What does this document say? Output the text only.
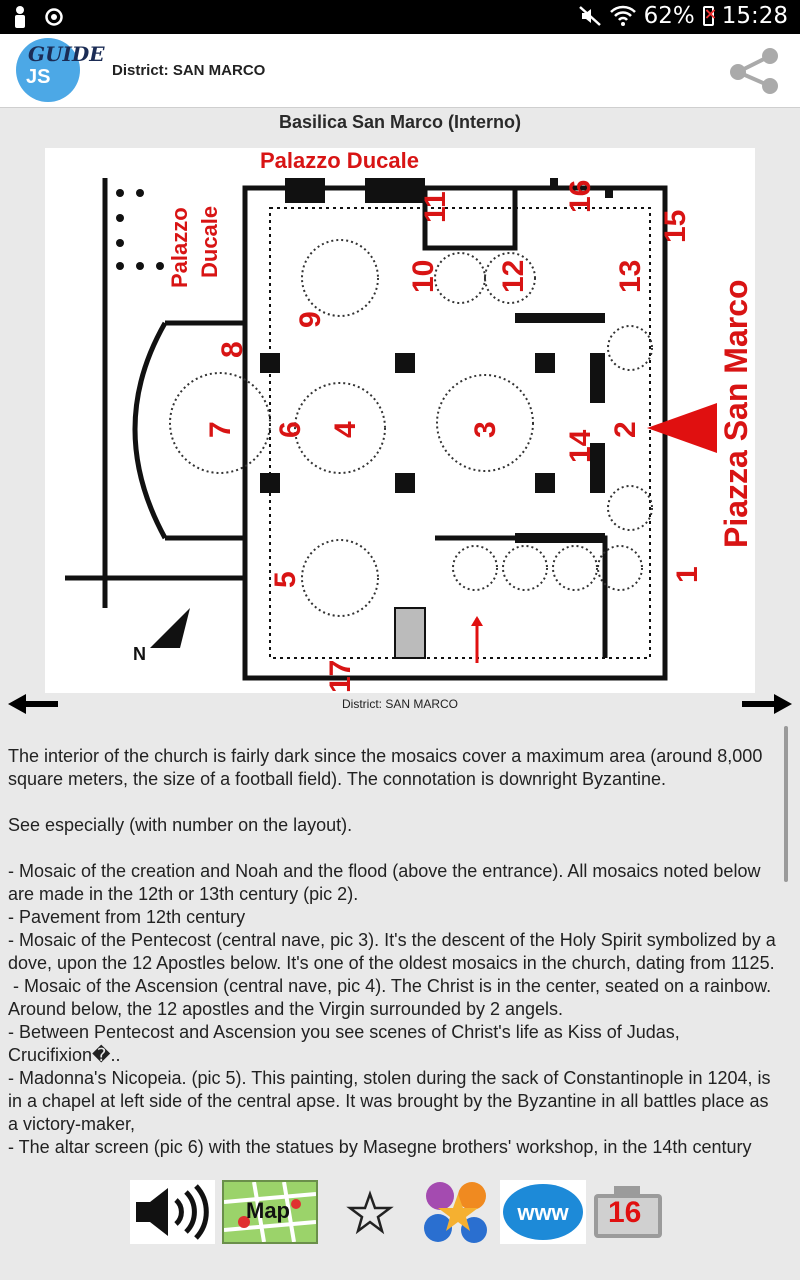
62%
× 15:28
GUIDE
JS	District: SAN MARCO
Basilica San Marco (Interno)
N
Palazzo Ducale
Palazzo Ducale
Piazza San Marco
1
2
3
4
5
6
7
8
9
10
11
12	13
14
15
16
17
District: SAN MARCO

The interior of the church is fairly dark since the mosaics cover a maximum area (around 8,000 square meters, the size of a football field). The connotation is downright Byzantine.

See especially (with number on the layout).

- Mosaic of the creation and Noah and the flood (above the entrance). All mosaics noted below are made in the 12th or 13th century (pic 2).

- Pavement from 12th century

- Mosaic of the Pentecost (central nave, pic 3). It's the descent of the Holy Spirit symbolized by a dove, upon the 12 Apostles below. It's one of the oldest mosaics in the church, dating from 1125.

- Mosaic of the Ascension (central nave, pic 4). The Christ is in the center, seated on a rainbow. Around below, the 12 apostles and the Virgin surrounded by 2 angels.

- Between Pentecost and Ascension you see scenes of Christ's life as Kiss of Judas, Crucifixion�..

- Madonna's Nicopeia. (pic 5). This painting, stolen during the sack of Constantinople in 1204, is in a chapel at left side of the central apse. It was brought by the Byzantine in all battles place as a victory-maker,

- The altar screen (pic 6) with the statues by Masegne brothers' workshop, in the 14th century

Map	www 16
